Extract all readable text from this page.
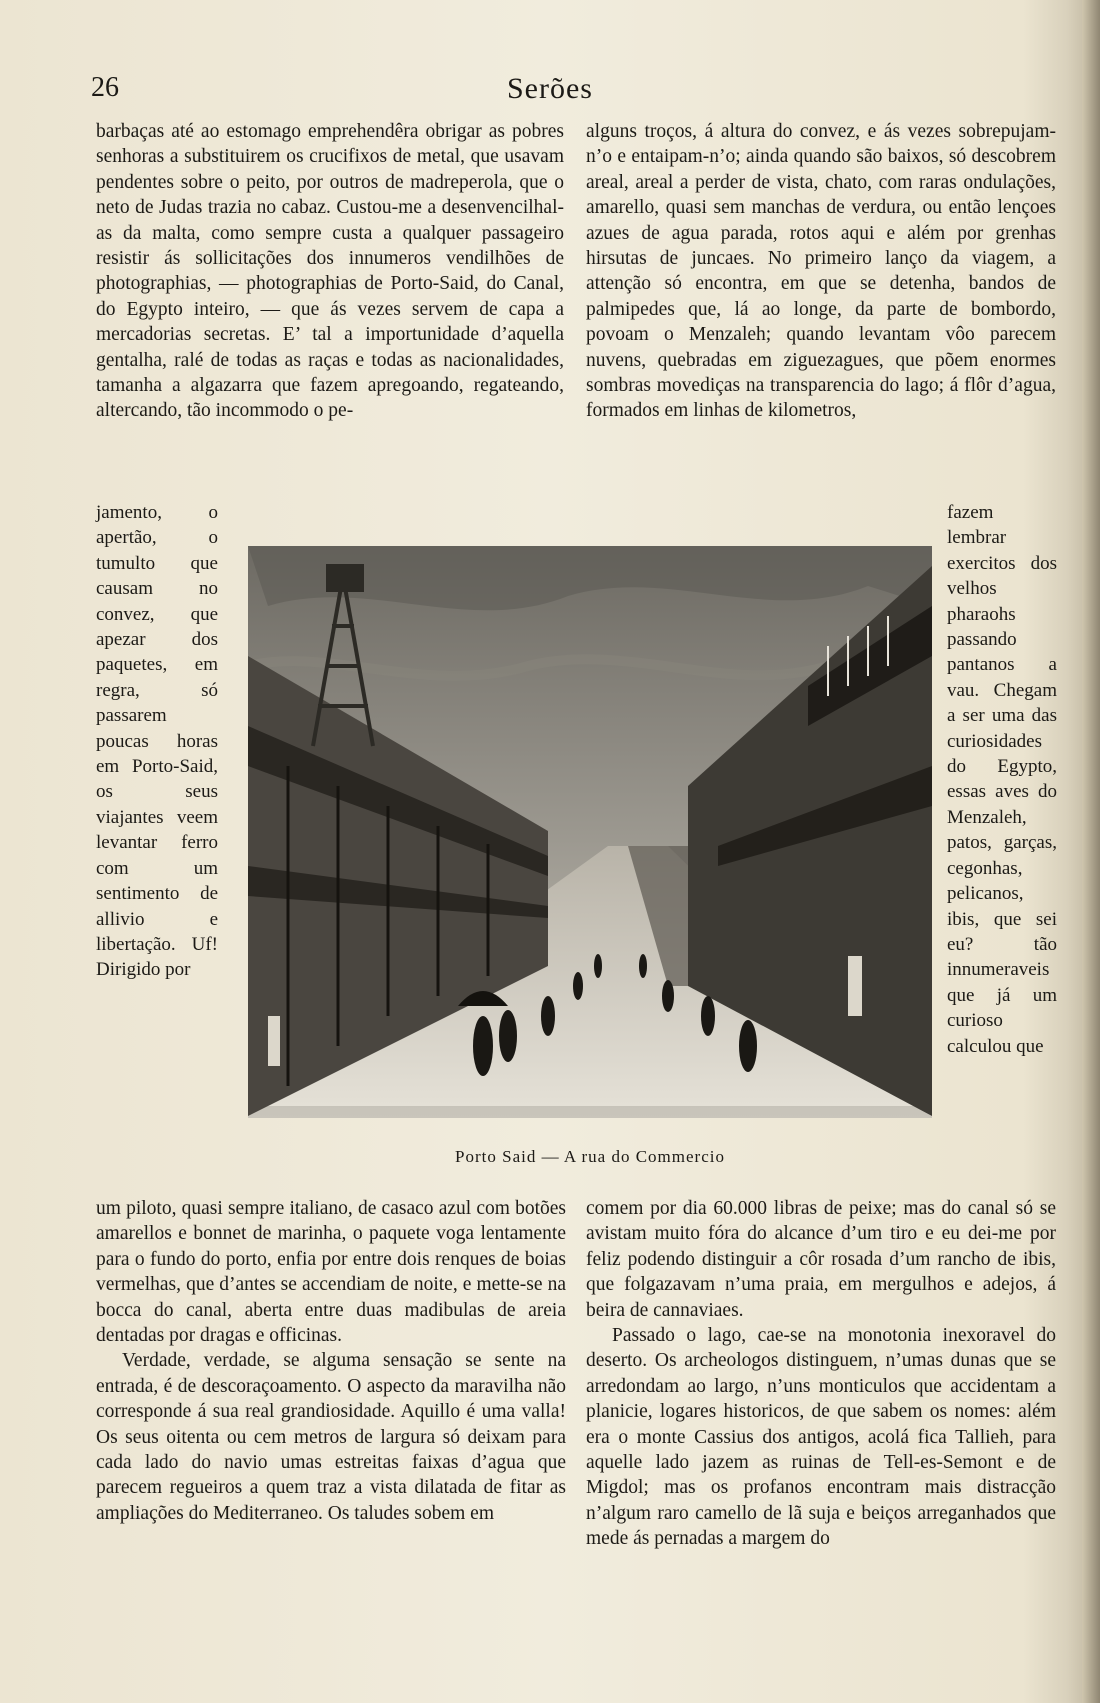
26	Serões

barbaças até ao estomago emprehendêra obrigar as pobres senhoras a substituirem os crucifixos de metal, que usavam pendentes sobre o peito, por outros de madreperola, que o neto de Judas trazia no cabaz. Custou-me a desenvencilhal-as da malta, como sempre custa a qualquer passageiro resistir ás sollicitações dos innumeros vendilhões de photographias, — photographias de Porto-Said, do Canal, do Egypto inteiro, — que ás vezes servem de capa a mercadorias secretas. E’ tal a importunidade d’aquella gentalha, ralé de todas as raças e todas as nacionalidades, tamanha a algazarra que fazem apregoando, regateando, altercando, tão incommodo o pe-

alguns troços, á altura do convez, e ás vezes sobrepujam-n’o e entaipam-n’o; ainda quando são baixos, só descobrem areal, areal a perder de vista, chato, com raras ondulações, amarello, quasi sem manchas de verdura, ou então lençoes azues de agua parada, rotos aqui e além por grenhas hirsutas de juncaes. No primeiro lanço da viagem, a attenção só encontra, em que se detenha, bandos de palmipedes que, lá ao longe, da parte de bombordo, povoam o Menzaleh; quando levantam vôo parecem nuvens, quebradas em ziguezagues, que põem enormes sombras movediças na transparencia do lago; á flôr d’agua, formados em linhas de kilometros,

jamento, o apertão, o tumulto que causam no convez, que apezar dos paquetes, em regra, só passarem poucas horas em Porto-Said, os seus viajantes veem levantar ferro com um sentimento de allivio e libertação. Uf! Dirigido por

fazem lembrar exercitos dos velhos pharaohs passando pantanos a vau. Chegam a ser uma das curiosidades do Egypto, essas aves do Menzaleh, patos, garças, cegonhas, pelicanos, ibis, que sei eu? tão innumeraveis que já um curioso calculou que

Porto Said — A rua do Commercio

um piloto, quasi sempre italiano, de casaco azul com botões amarellos e bonnet de marinha, o paquete voga lentamente para o fundo do porto, enfia por entre dois renques de boias vermelhas, que d’antes se accendiam de noite, e mette-se na bocca do canal, aberta entre duas madibulas de areia dentadas por dragas e officinas.

Verdade, verdade, se alguma sensação se sente na entrada, é de descoraçoamento. O aspecto da maravilha não corresponde á sua real grandiosidade. Aquillo é uma valla! Os seus oitenta ou cem metros de largura só deixam para cada lado do navio umas estreitas faixas d’agua que parecem regueiros a quem traz a vista dilatada de fitar as ampliações do Mediterraneo. Os taludes sobem em

comem por dia 60.000 libras de peixe; mas do canal só se avistam muito fóra do alcance d’um tiro e eu dei-me por feliz podendo distinguir a côr rosada d’um rancho de ibis, que folgazavam n’uma praia, em mergulhos e adejos, á beira de cannaviaes.

Passado o lago, cae-se na monotonia inexoravel do deserto. Os archeologos distinguem, n’umas dunas que se arredondam ao largo, n’uns monticulos que accidentam a planicie, logares historicos, de que sabem os nomes: além era o monte Cassius dos antigos, acolá fica Tallieh, para aquelle lado jazem as ruinas de Tell-es-Semont e de Migdol; mas os profanos encontram mais distracção n’algum raro camello de lã suja e beiços arreganhados que mede ás pernadas a margem do
